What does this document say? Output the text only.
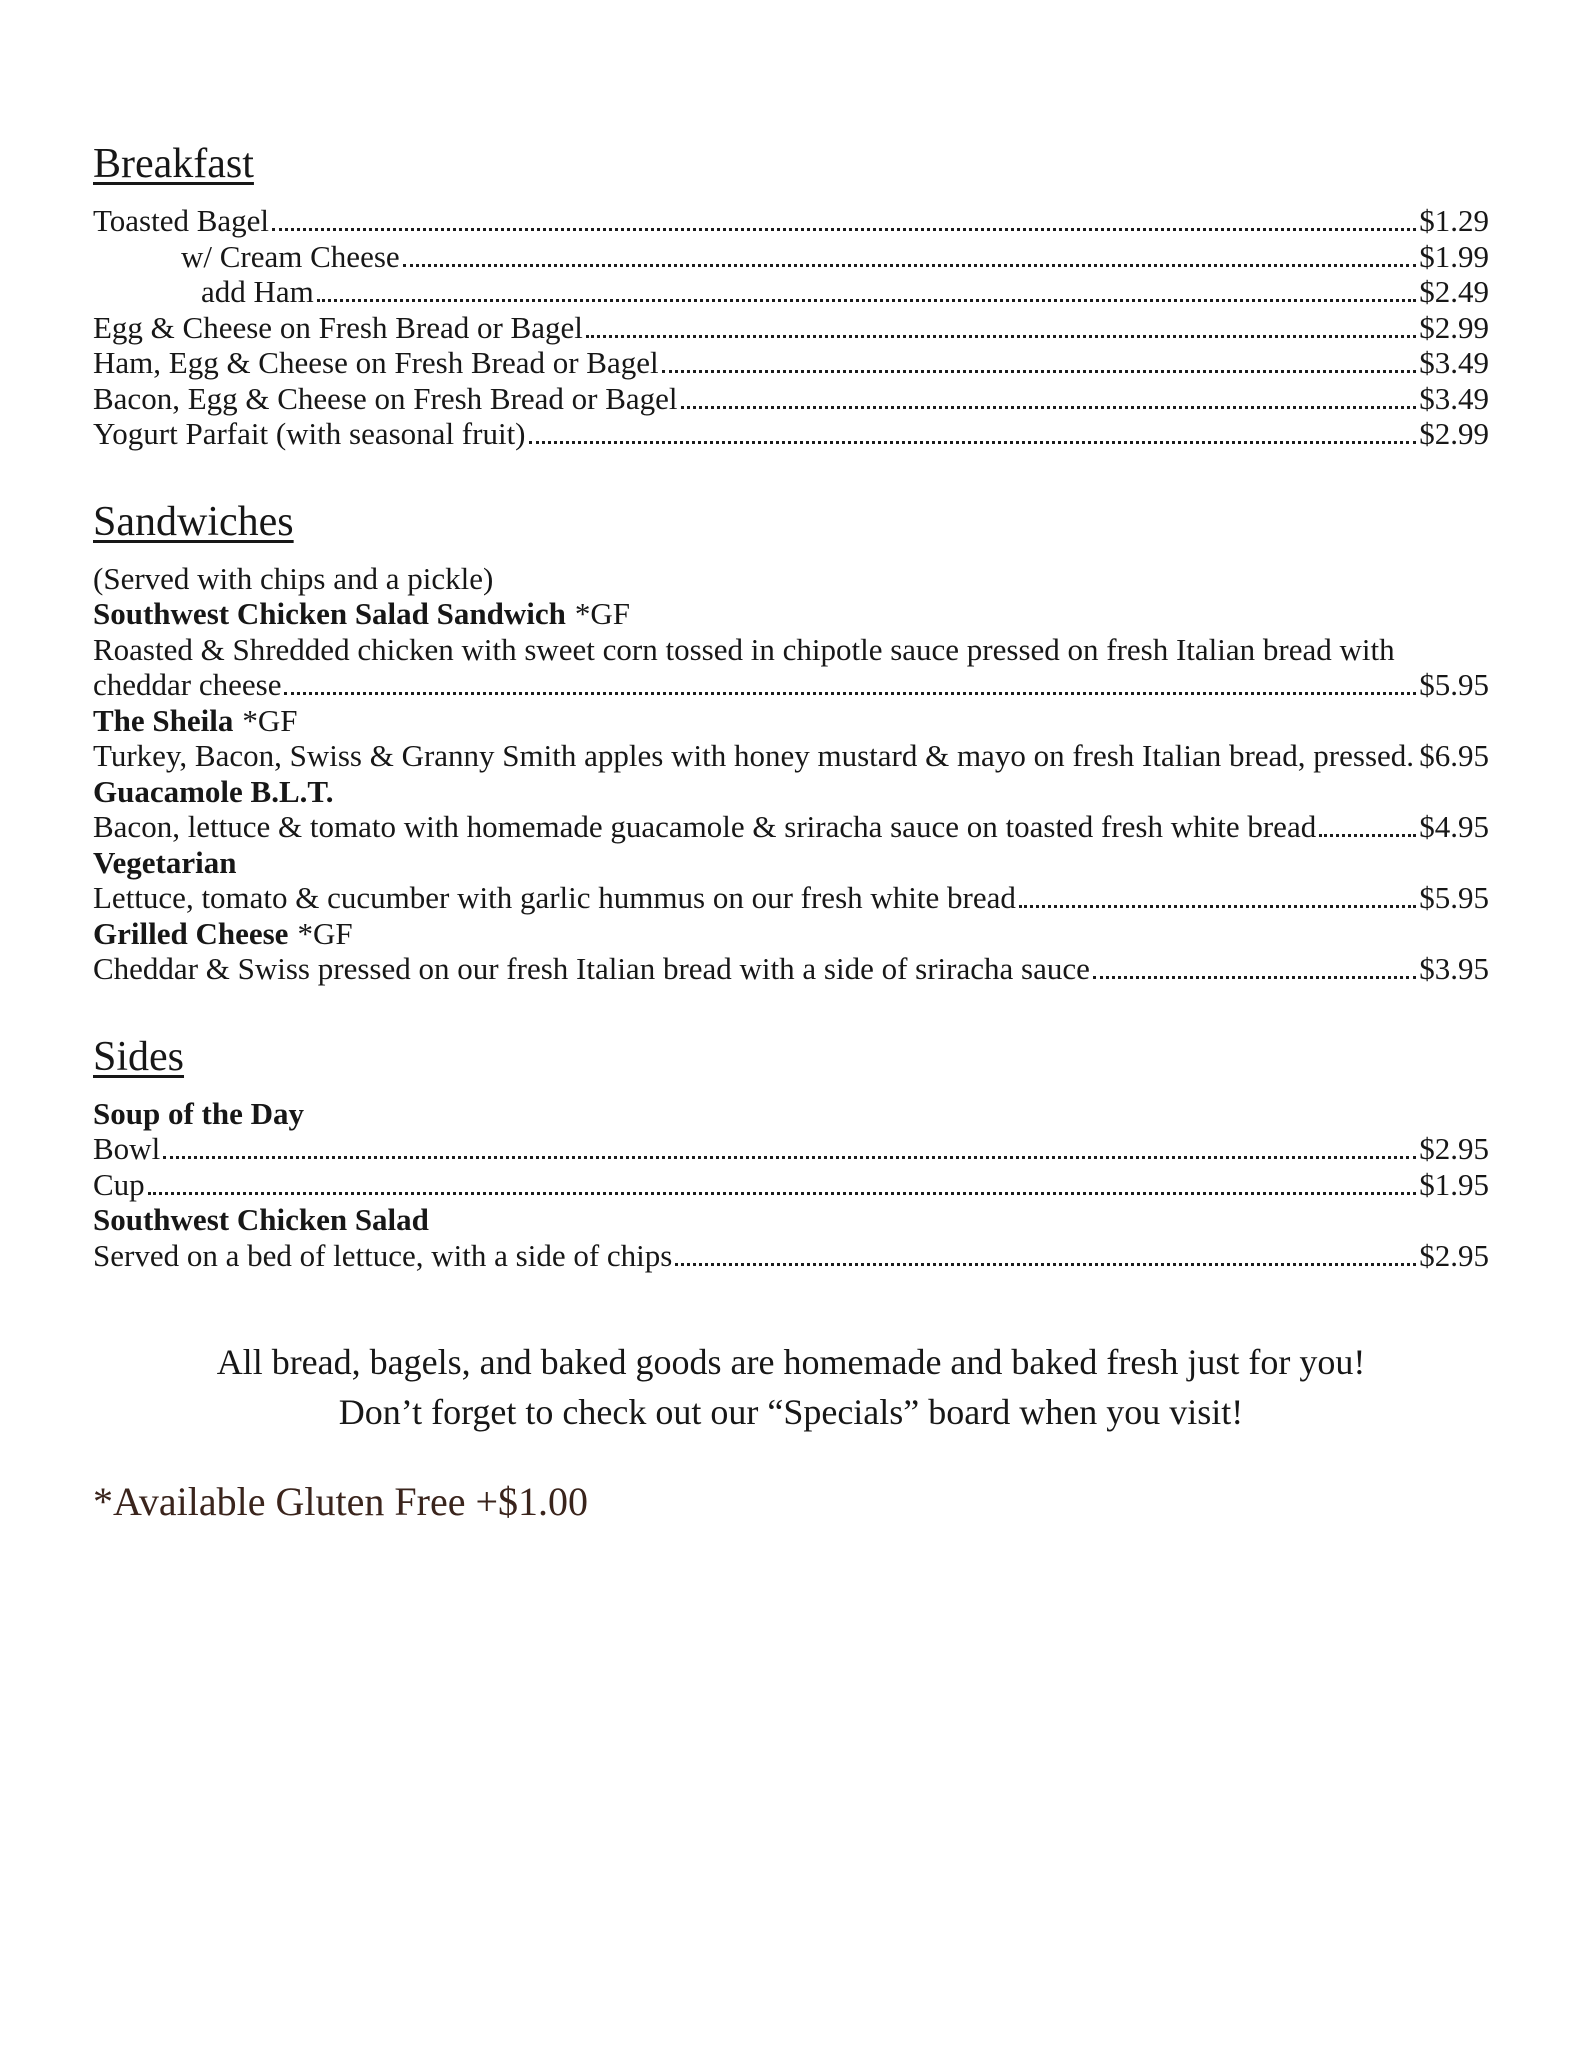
Breakfast
Toasted Bagel	$1.29
w/ Cream Cheese	$1.99
add Ham	$2.49
Egg & Cheese on Fresh Bread or Bagel	$2.99
Ham, Egg & Cheese on Fresh Bread or Bagel	$3.49
Bacon, Egg & Cheese on Fresh Bread or Bagel	$3.49
Yogurt Parfait (with seasonal fruit)	$2.99
Sandwiches
(Served with chips and a pickle)
Southwest Chicken Salad Sandwich *GF
Roasted & Shredded chicken with sweet corn tossed in chipotle sauce pressed on fresh Italian bread with
cheddar cheese	$5.95
The Sheila *GF
Turkey, Bacon, Swiss & Granny Smith apples with honey mustard & mayo on fresh Italian bread, pressed. $6.95
Guacamole B.L.T.
Bacon, lettuce & tomato with homemade guacamole & sriracha sauce on toasted fresh white bread	$4.95
Vegetarian
Lettuce, tomato & cucumber with garlic hummus on our fresh white bread	$5.95
Grilled Cheese *GF
Cheddar & Swiss pressed on our fresh Italian bread with a side of sriracha sauce	$3.95
Sides
Soup of the Day
Bowl	$2.95
Cup	$1.95
Southwest Chicken Salad
Served on a bed of lettuce, with a side of chips	$2.95
All bread, bagels, and baked goods are homemade and baked fresh just for you!
Don’t forget to check out our “Specials” board when you visit!
*Available Gluten Free +$1.00
